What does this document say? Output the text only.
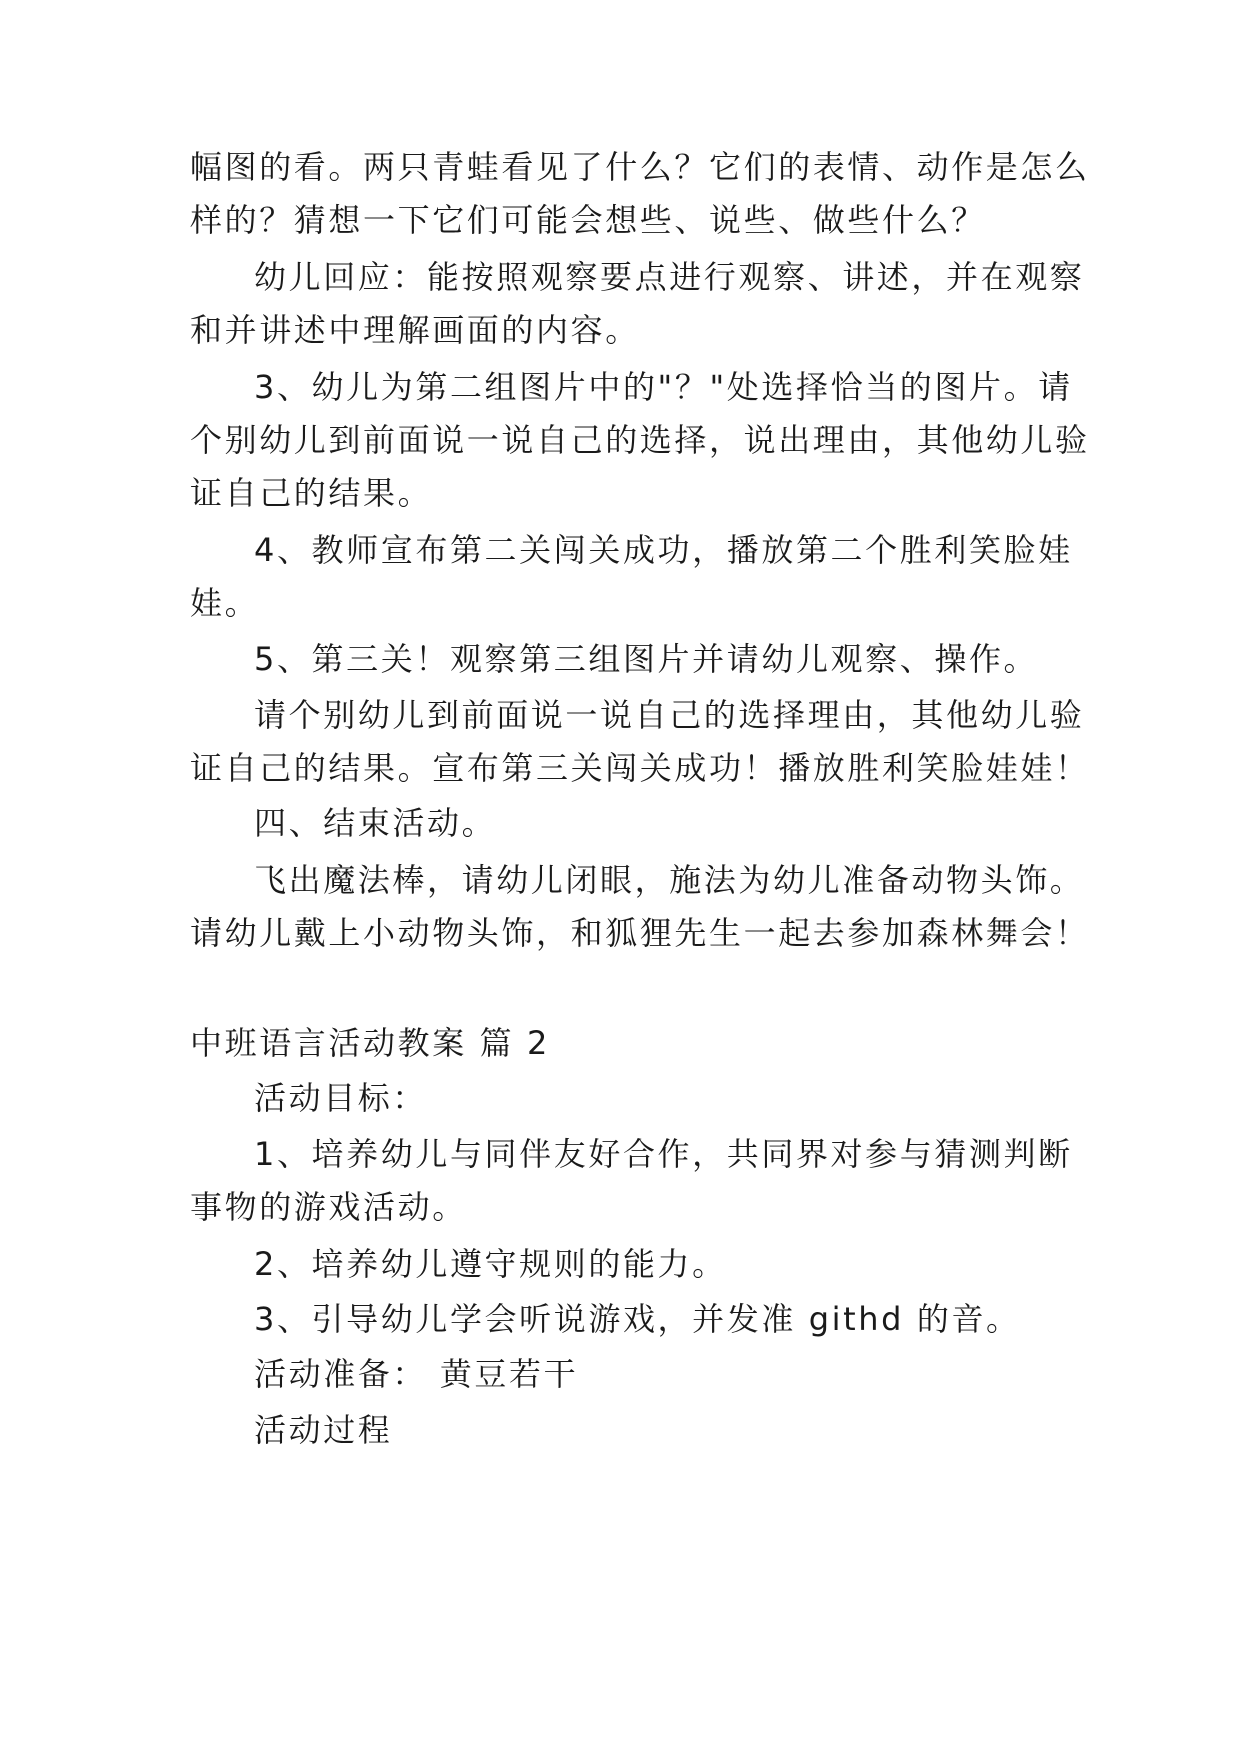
幅图的看。两只青蛙看见了什么？它们的表情、动作是怎么
样的？猜想一下它们可能会想些、说些、做些什么？
幼儿回应：能按照观察要点进行观察、讲述，并在观察
和并讲述中理解画面的内容。
3、幼儿为第二组图片中的"？"处选择恰当的图片。请
个别幼儿到前面说一说自己的选择，说出理由，其他幼儿验
证自己的结果。
4、教师宣布第二关闯关成功，播放第二个胜利笑脸娃
娃。
5、第三关！观察第三组图片并请幼儿观察、操作。
请个别幼儿到前面说一说自己的选择理由，其他幼儿验
证自己的结果。宣布第三关闯关成功！播放胜利笑脸娃娃！
四、结束活动。
飞出魔法棒，请幼儿闭眼，施法为幼儿准备动物头饰。
请幼儿戴上小动物头饰，和狐狸先生一起去参加森林舞会！
中班语言活动教案 篇 2
活动目标：
1、培养幼儿与同伴友好合作，共同界对参与猜测判断
事物的游戏活动。
2、培养幼儿遵守规则的能力。
3、引导幼儿学会听说游戏，并发准 githd 的音。
活动准备： 黄豆若干
活动过程
